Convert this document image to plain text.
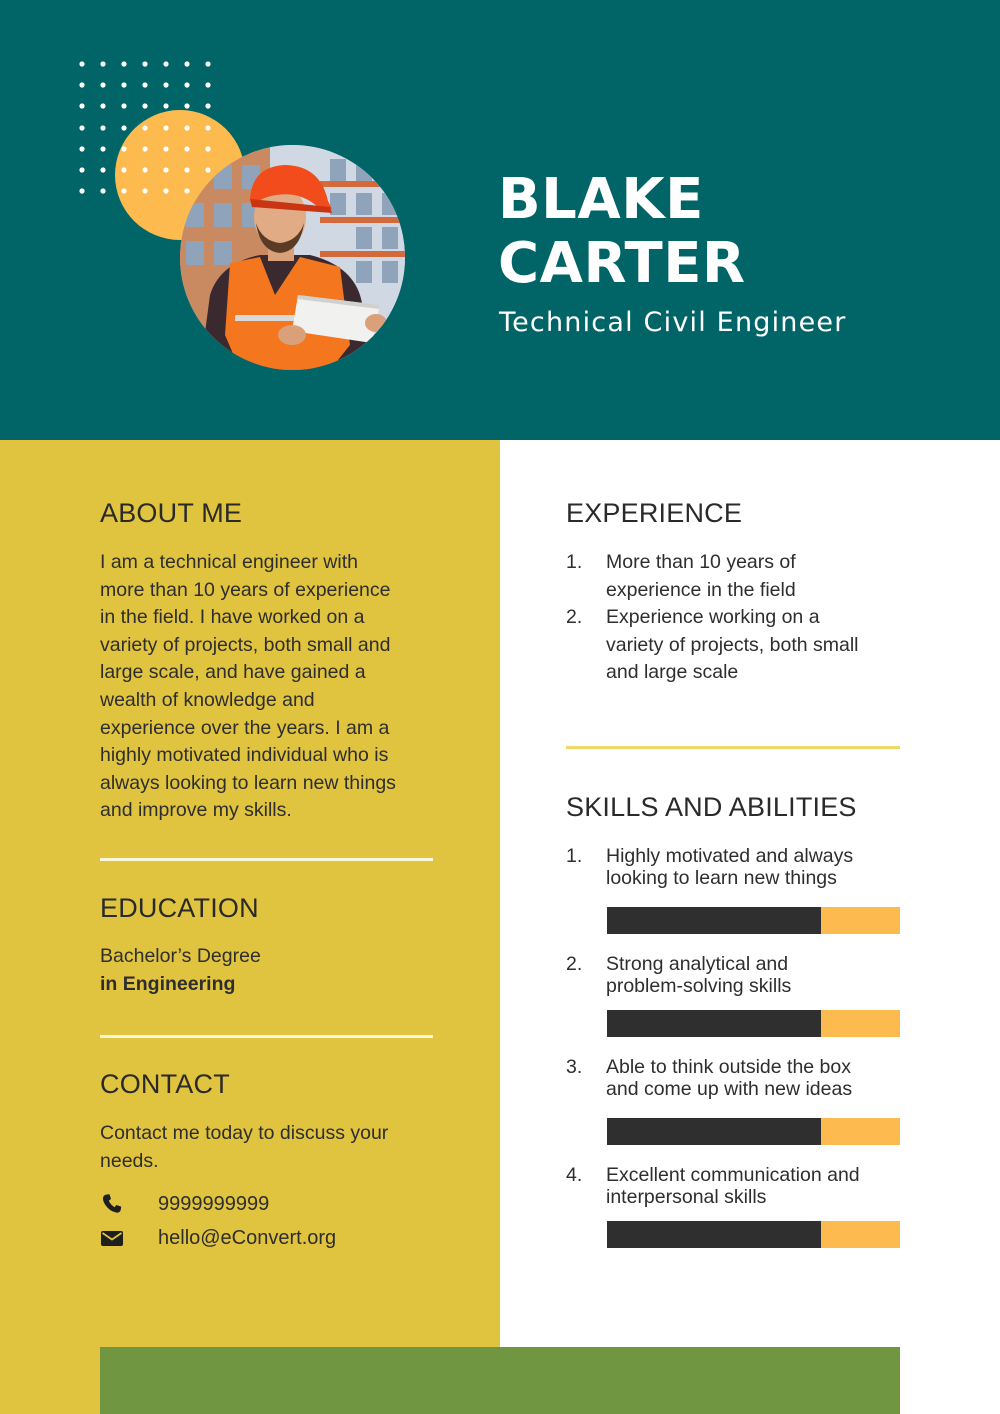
BLAKE
CARTER
Technical Civil Engineer
ABOUT ME
I am a technical engineer with
more than 10 years of experience
in the field. I have worked on a
variety of projects, both small and
large scale, and have gained a
wealth of knowledge and
experience over the years. I am a
highly motivated individual who is
always looking to learn new things
and improve my skills.
EDUCATION
Bachelor’s Degree
in Engineering
CONTACT
Contact me today to discuss your
needs.
9999999999
hello@eConvert.org
EXPERIENCE
1. More than 10 years of
experience in the field
2. Experience working on a
variety of projects, both small
and large scale
SKILLS AND ABILITIES
1. Highly motivated and always
looking to learn new things
2. Strong analytical and
problem-solving skills
3. Able to think outside the box
and come up with new ideas
4. Excellent communication and
interpersonal skills
